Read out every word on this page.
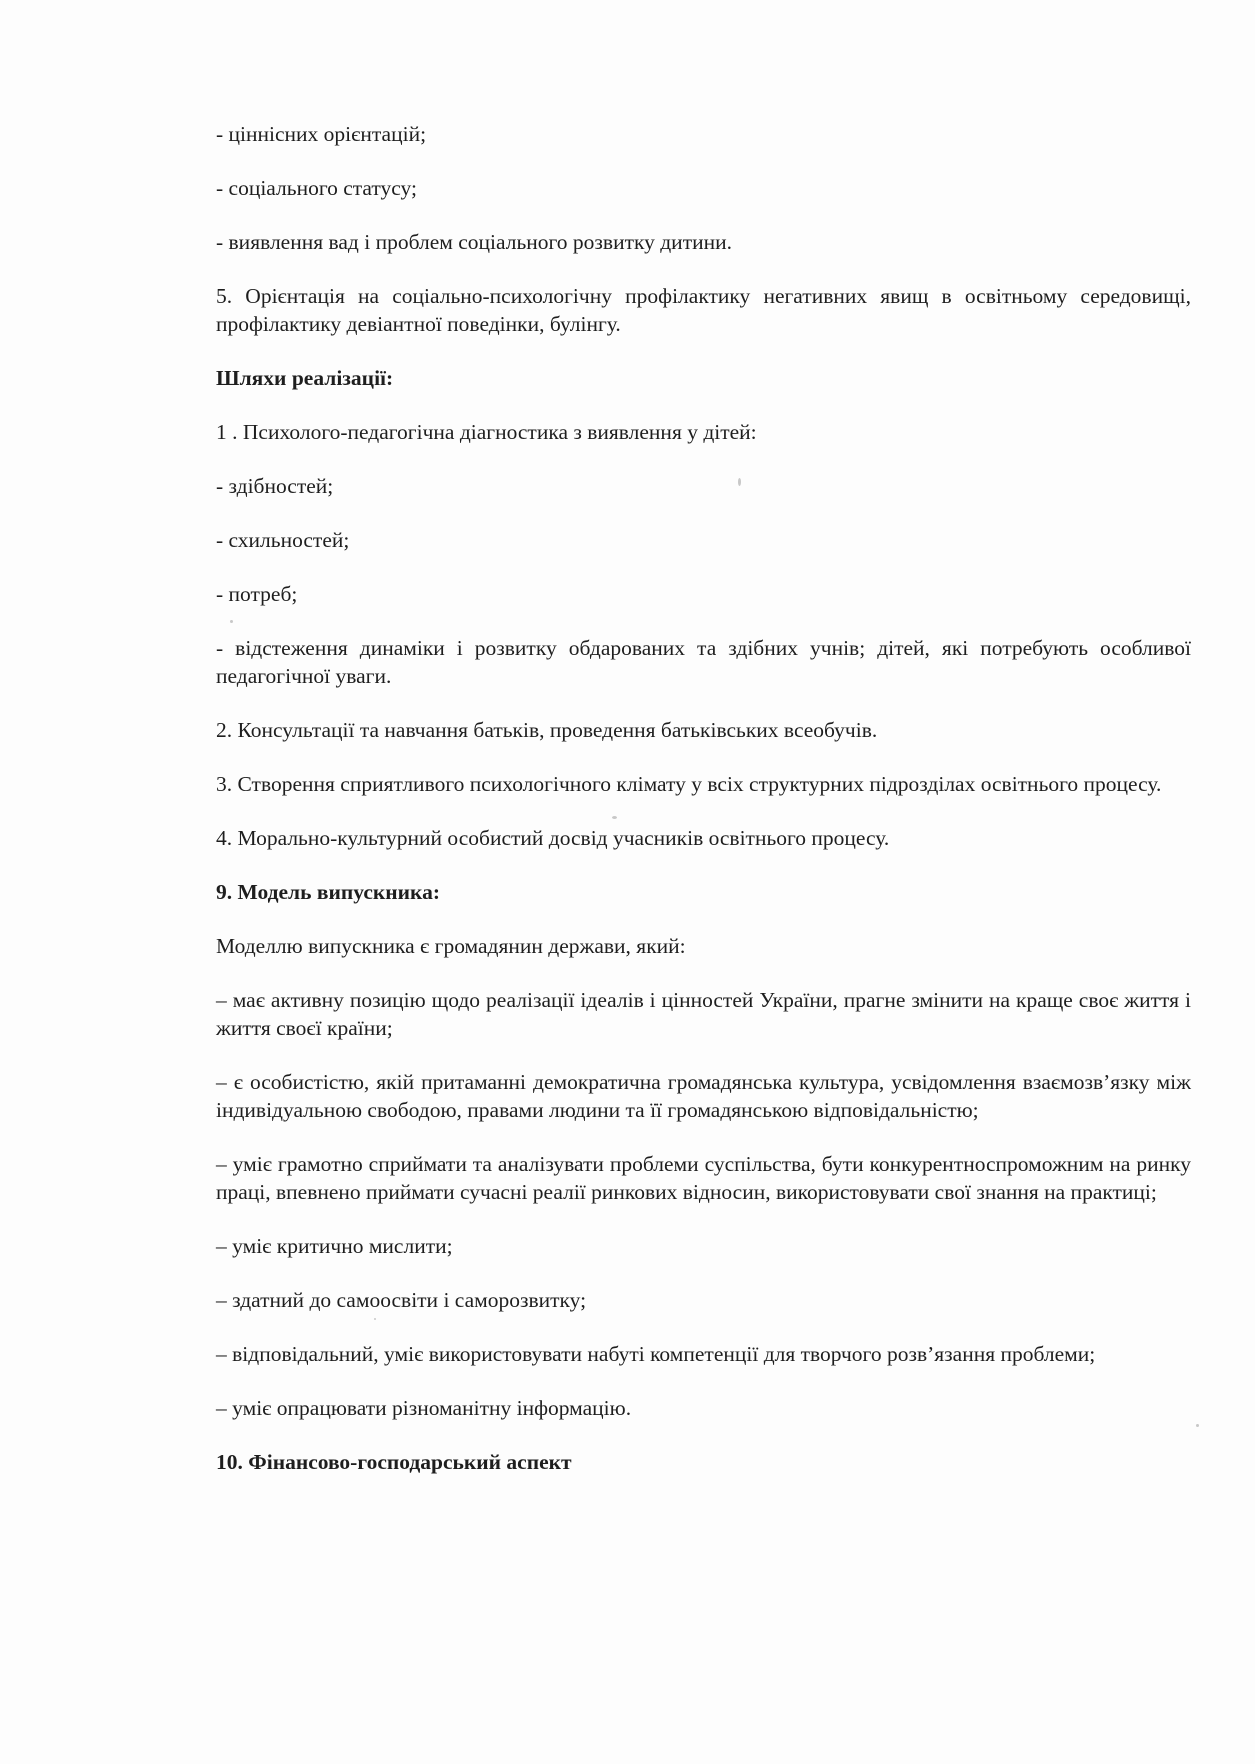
- ціннісних орієнтацій;

- соціального статусу;

- виявлення вад і проблем соціального розвитку дитини.

5. Орієнтація на соціально-психологічну профілактику негативних явищ в освітньому середовищі, профілактику девіантної поведінки, булінгу.

Шляхи реалізації:

1 . Психолого-педагогічна діагностика з виявлення у дітей:

- здібностей;

- схильностей;

- потреб;

- відстеження динаміки і розвитку обдарованих та здібних учнів; дітей, які потребують особливої педагогічної уваги.

2. Консультації та навчання батьків, проведення батьківських всеобучів.

3. Створення сприятливого психологічного клімату у всіх структурних підрозділах освітнього процесу.

4. Морально-культурний особистий досвід учасників освітнього процесу.

9. Модель випускника:

Моделлю випускника є громадянин держави, який:

– має активну позицію щодо реалізації ідеалів і цінностей України, прагне змінити на краще своє життя і життя своєї країни;

– є особистістю, якій притаманні демократична громадянська культура, усвідомлення взаємозв’язку між індивідуальною свободою, правами людини та її громадянською відповідальністю;

– уміє грамотно сприймати та аналізувати проблеми суспільства, бути конкурентноспроможним на ринку праці, впевнено приймати сучасні реалії ринкових відносин, використовувати свої знання на практиці;

– уміє критично мислити;

– здатний до самоосвіти і саморозвитку;

– відповідальний, уміє використовувати набуті компетенції для творчого розв’язання проблеми;

– уміє опрацювати різноманітну інформацію.

10. Фінансово-господарський аспект
